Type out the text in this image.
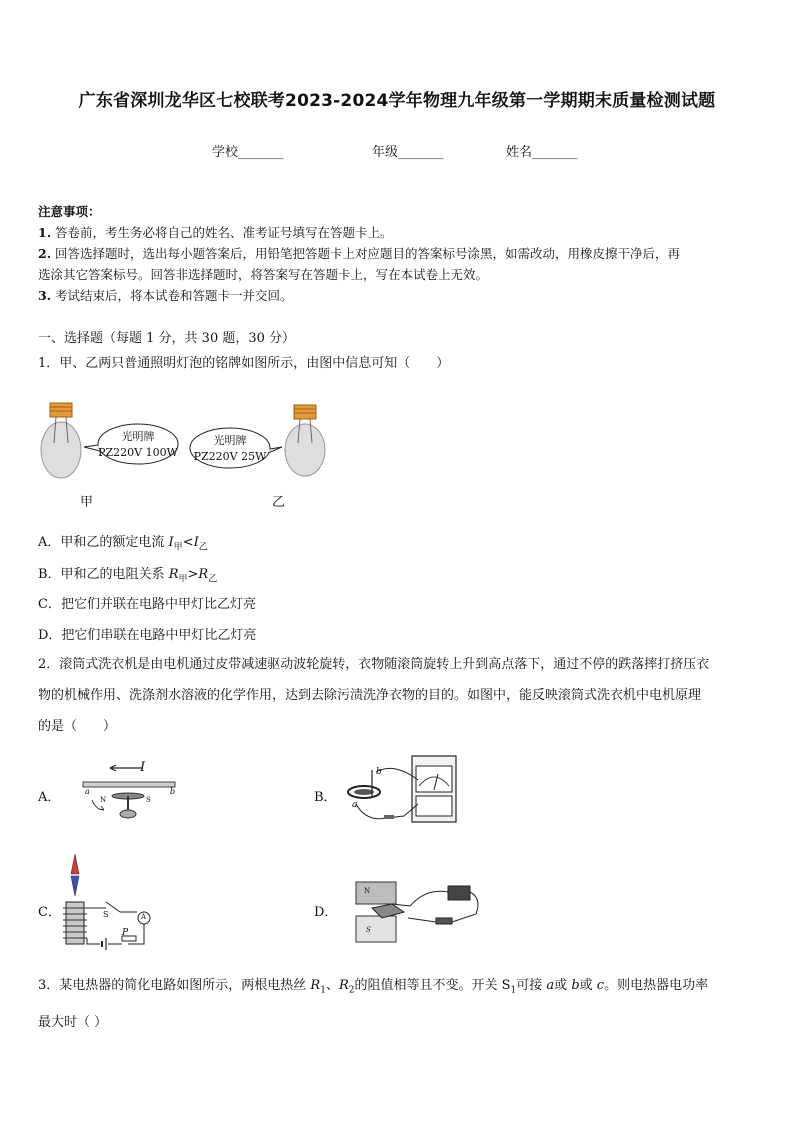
广东省深圳龙华区七校联考2023-2024学年物理九年级第一学期期末质量检测试题
学校_______	年级_______	姓名_______
注意事项：
1. 答卷前，考生务必将自己的姓名、准考证号填写在答题卡上。
2. 回答选择题时，选出每小题答案后，用铅笔把答题卡上对应题目的答案标号涂黑，如需改动，用橡皮擦干净后，再
选涂其它答案标号。回答非选择题时，将答案写在答题卡上，写在本试卷上无效。
3. 考试结束后，将本试卷和答题卡一并交回。
一、选择题（每题 1 分，共 30 题，30 分）
1．甲、乙两只普通照明灯泡的铭牌如图所示，由图中信息可知（　　）
光明牌
PZ220V 100W
光明牌
PZ220V 25W
甲	乙
A．甲和乙的额定电流 $I_甲<I_乙$
B．甲和乙的电阻关系 $R_甲>R_乙$
C．把它们并联在电路中甲灯比乙灯亮
D．把它们串联在电路中甲灯比乙灯亮
2．滚筒式洗衣机是由电机通过皮带减速驱动波轮旋转，衣物随滚筒旋转上升到高点落下，通过不停的跌落摔打挤压衣
物的机械作用、洗涤剂水溶液的化学作用，达到去除污渍洗净衣物的目的。如图中，能反映滚筒式洗衣机中电机原理
的是（　　）
A．	B．
C．	D．
I
a	b
N	S
b
a
S
P
A
N
S
3．某电热器的简化电路如图所示，两根电热丝 $R_1$、$R_2$的阻值相等且不变。开关 $S_1$可接 a或 b或 c。则电热器电功率
最大时（ ）
